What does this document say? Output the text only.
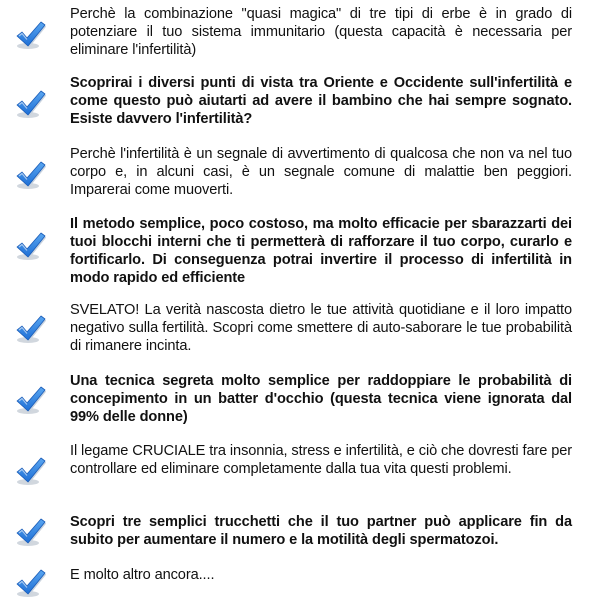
Perchè la combinazione "quasi magica" di tre tipi di erbe è in grado di potenziare il tuo sistema immunitario (questa capacità è necessaria per eliminare l'infertilità)

Scoprirai i diversi punti di vista tra Oriente e Occidente sull'infertilità e come questo può aiutarti ad avere il bambino che hai sempre sognato. Esiste davvero l'infertilità?

Perchè l'infertilità è un segnale di avvertimento di qualcosa che non va nel tuo corpo e, in alcuni casi, è un segnale comune di malattie ben peggiori. Imparerai come muoverti.

Il metodo semplice, poco costoso, ma molto efficacie per sbarazzarti dei tuoi blocchi interni che ti permetterà di rafforzare il tuo corpo, curarlo e fortificarlo. Di conseguenza potrai invertire il processo di infertilità in modo rapido ed efficiente

SVELATO! La verità nascosta dietro le tue attività quotidiane e il loro impatto negativo sulla fertilità. Scopri come smettere di auto-saborare le tue probabilità di rimanere incinta.

Una tecnica segreta molto semplice per raddoppiare le probabilità di concepimento in un batter d'occhio (questa tecnica viene ignorata dal 99% delle donne)

Il legame CRUCIALE tra insonnia, stress e infertilità, e ciò che dovresti fare per controllare ed eliminare completamente dalla tua vita questi problemi.

Scopri tre semplici trucchetti che il tuo partner può applicare fin da subito per aumentare il numero e la motilità degli spermatozoi.

E molto altro ancora....
